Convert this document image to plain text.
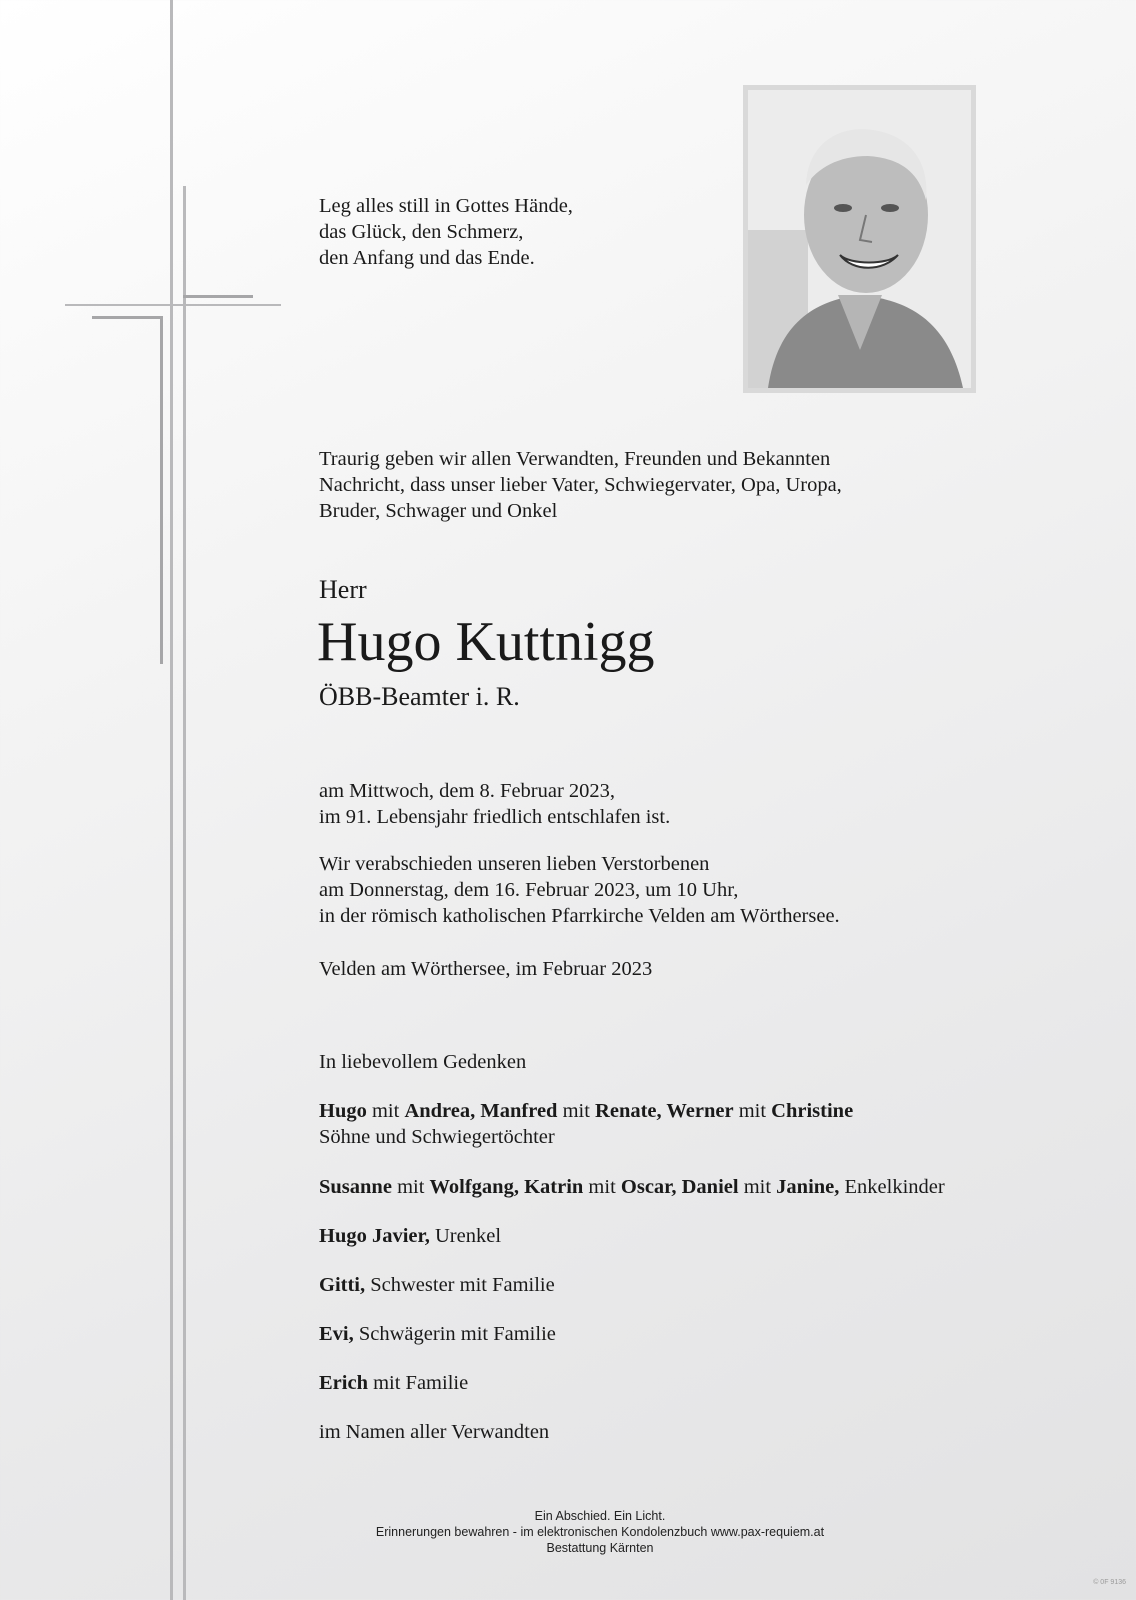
Leg alles still in Gottes Hände,
das Glück, den Schmerz,
den Anfang und das Ende.

Traurig geben wir allen Verwandten, Freunden und Bekannten
Nachricht, dass unser lieber Vater, Schwiegervater, Opa, Uropa,
Bruder, Schwager und Onkel

Herr
Hugo Kuttnigg
ÖBB-Beamter i. R.

am Mittwoch, dem 8. Februar 2023,
im 91. Lebensjahr friedlich entschlafen ist.

Wir verabschieden unseren lieben Verstorbenen
am Donnerstag, dem 16. Februar 2023, um 10 Uhr,
in der römisch katholischen Pfarrkirche Velden am Wörthersee.

Velden am Wörthersee, im Februar 2023

In liebevollem Gedenken

Hugo mit Andrea, Manfred mit Renate, Werner mit Christine
Söhne und Schwiegertöchter

Susanne mit Wolfgang, Katrin mit Oscar, Daniel mit Janine, Enkelkinder

Hugo Javier, Urenkel

Gitti, Schwester mit Familie

Evi, Schwägerin mit Familie

Erich mit Familie

im Namen aller Verwandten

Ein Abschied. Ein Licht.
Erinnerungen bewahren - im elektronischen Kondolenzbuch www.pax-requiem.at
Bestattung Kärnten
© 0F 9136
